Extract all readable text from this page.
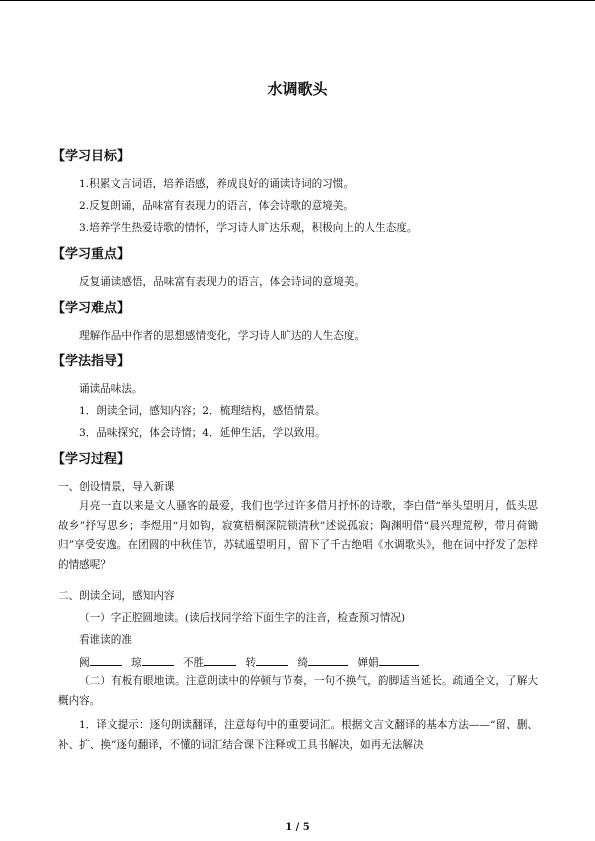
水调歌头
【学习目标】
1.积累文言词语，培养语感，养成良好的诵读诗词的习惯。
2.反复朗诵，品味富有表现力的语言，体会诗歌的意境美。
3.培养学生热爱诗歌的情怀，学习诗人旷达乐观，积极向上的人生态度。
【学习重点】
反复诵读感悟，品味富有表现力的语言，体会诗词的意境美。
【学习难点】
理解作品中作者的思想感情变化，学习诗人旷达的人生态度。
【学法指导】
诵读品味法。
1．朗读全词，感知内容；2．梳理结构，感悟情景。
3．品味探究，体会诗情；4．延伸生活，学以致用。
【学习过程】
一、创设情景，导入新课
月亮一直以来是文人骚客的最爱，我们也学过许多借月抒怀的诗歌，李白借“举头望明月，低头思故乡”抒写思乡；李煜用“月如钩，寂寞梧桐深院锁清秋”述说孤寂；陶渊明借“晨兴理荒秽，带月荷锄归”享受安逸。在团圆的中秋佳节，苏轼遥望明月，留下了千古绝唱《水调歌头》，他在词中抒发了怎样的情感呢？
二、朗读全词，感知内容
（一）字正腔圆地读。(读后找同学给下面生字的注音，检查预习情况)
看谁读的准
阙	琼	不胜	转	绮	婵娟
（二）有板有眼地读。注意朗读中的停顿与节奏，一句不换气，韵脚适当延长。疏通全文，了解大概内容。
1．译文提示：逐句朗读翻译，注意每句中的重要词汇。根据文言文翻译的基本方法——“留、删、补、扩、换”逐句翻译，不懂的词汇结合课下注释或工具书解决，如再无法解决
1 / 5
